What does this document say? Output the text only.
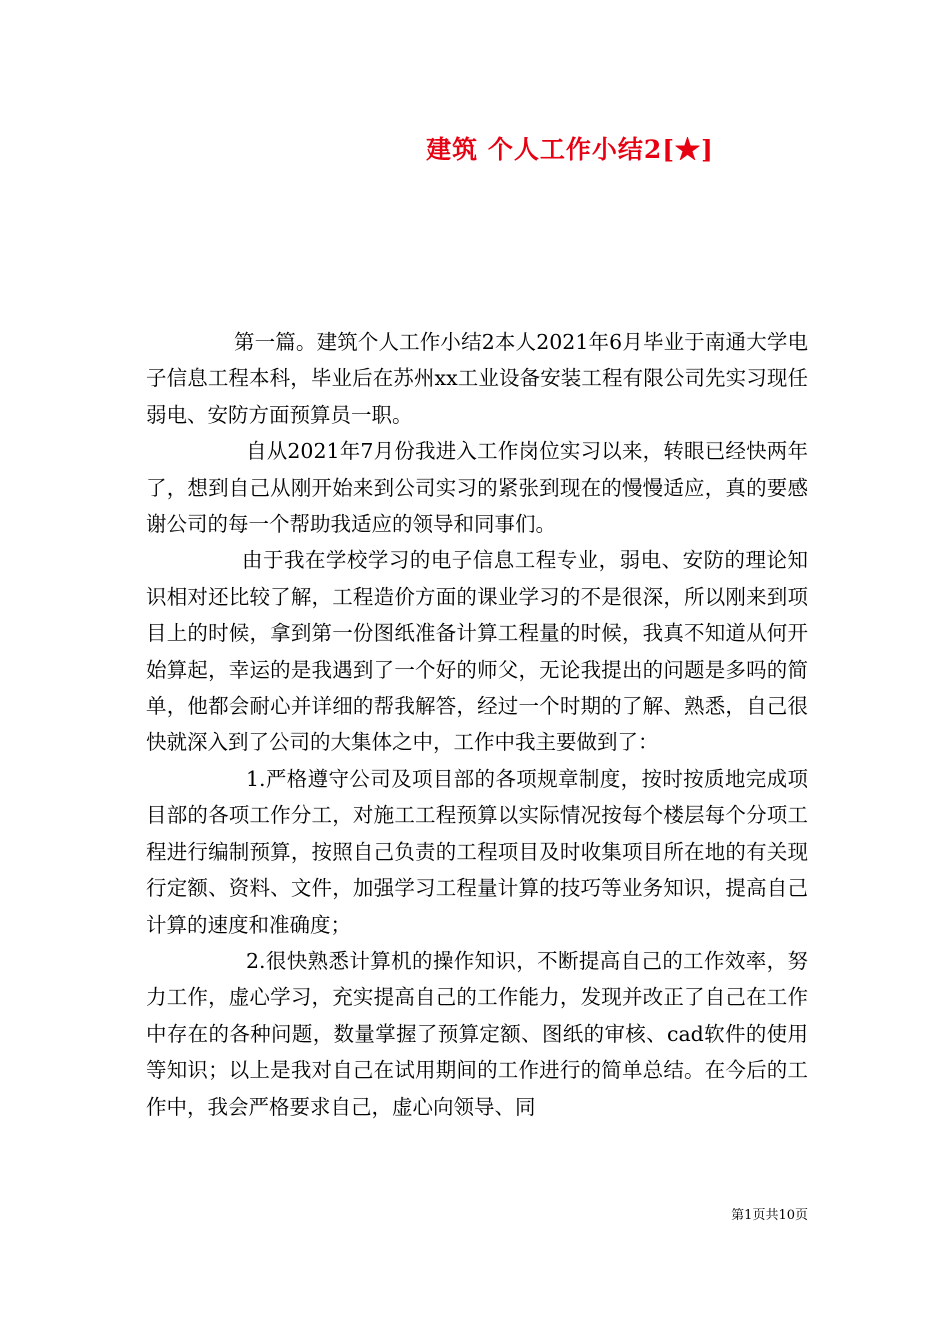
建筑 个人工作小结2[★]

第一篇。建筑个人工作小结2本人2021年6月毕业于南通大学电子信息工程本科，毕业后在苏州xx工业设备安装工程有限公司先实习现任弱电、安防方面预算员一职。

自从2021年7月份我进入工作岗位实习以来，转眼已经快两年了，想到自己从刚开始来到公司实习的紧张到现在的慢慢适应，真的要感谢公司的每一个帮助我适应的领导和同事们。

由于我在学校学习的电子信息工程专业，弱电、安防的理论知识相对还比较了解，工程造价方面的课业学习的不是很深，所以刚来到项目上的时候，拿到第一份图纸准备计算工程量的时候，我真不知道从何开始算起，幸运的是我遇到了一个好的师父，无论我提出的问题是多吗的简单，他都会耐心并详细的帮我解答，经过一个时期的了解、熟悉，自己很快就深入到了公司的大集体之中，工作中我主要做到了：

1.严格遵守公司及项目部的各项规章制度，按时按质地完成项目部的各项工作分工，对施工工程预算以实际情况按每个楼层每个分项工程进行编制预算，按照自己负责的工程项目及时收集项目所在地的有关现行定额、资料、文件，加强学习工程量计算的技巧等业务知识，提高自己计算的速度和准确度；

2.很快熟悉计算机的操作知识，不断提高自己的工作效率，努力工作，虚心学习，充实提高自己的工作能力，发现并改正了自己在工作中存在的各种问题，数量掌握了预算定额、图纸的审核、cad软件的使用等知识；以上是我对自己在试用期间的工作进行的简单总结。在今后的工作中，我会严格要求自己，虚心向领导、同

第1页共10页
